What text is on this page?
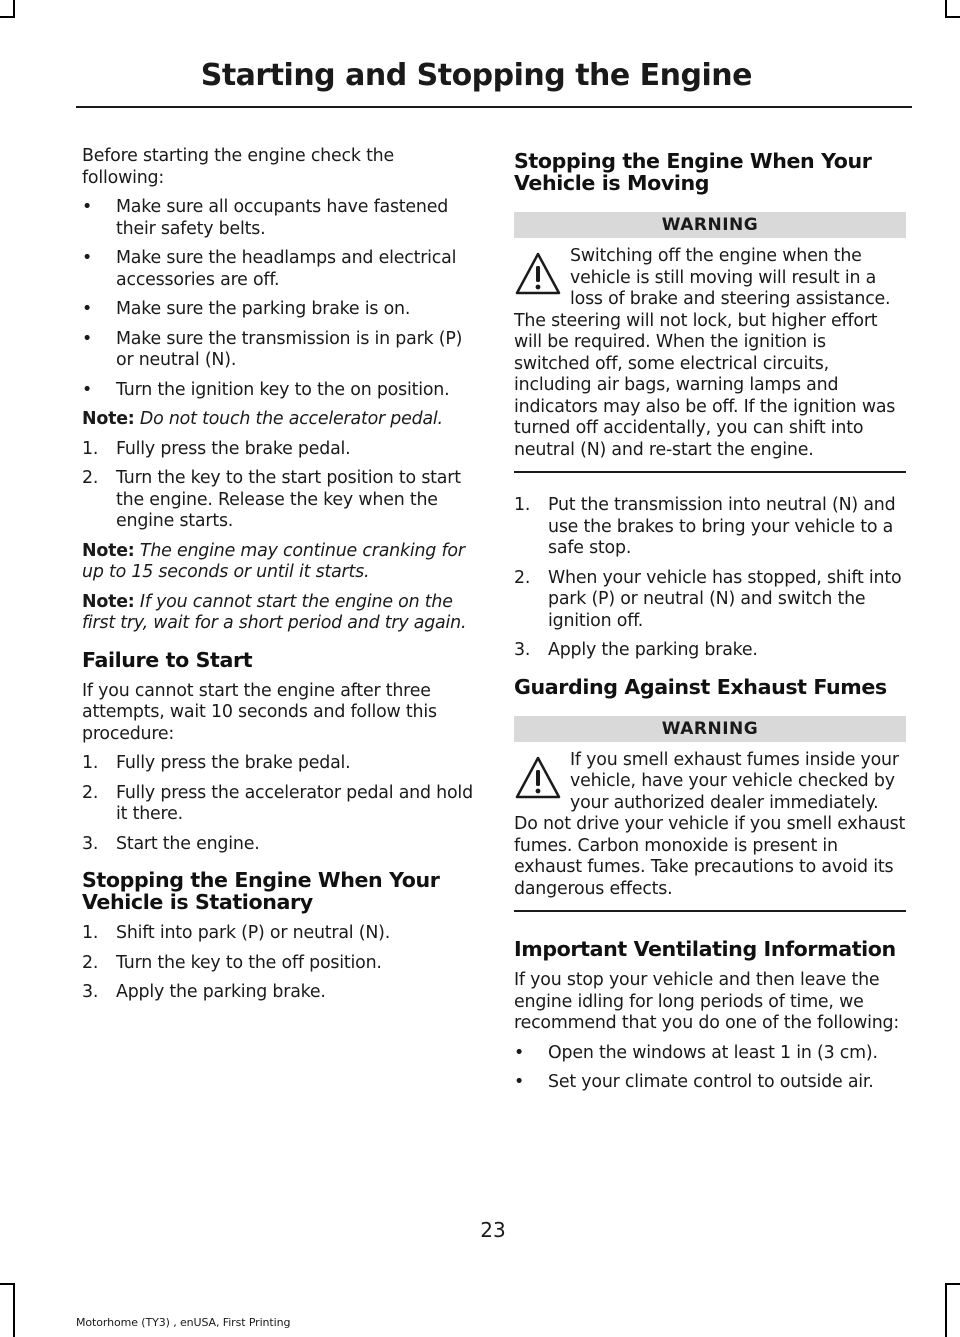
Starting and Stopping the Engine

Before starting the engine check the following:

• Make sure all occupants have fastened their safety belts.
• Make sure the headlamps and electrical accessories are off.
• Make sure the parking brake is on.
• Make sure the transmission is in park (P) or neutral (N).
• Turn the ignition key to the on position.

Note: Do not touch the accelerator pedal.

1. Fully press the brake pedal.
2. Turn the key to the start position to start the engine. Release the key when the engine starts.

Note: The engine may continue cranking for up to 15 seconds or until it starts.

Note: If you cannot start the engine on the first try, wait for a short period and try again.

Failure to Start

If you cannot start the engine after three attempts, wait 10 seconds and follow this procedure:

1. Fully press the brake pedal.
2. Fully press the accelerator pedal and hold it there.
3. Start the engine.
Stopping the Engine When Your Vehicle is Stationary
1. Shift into park (P) or neutral (N).
2. Turn the key to the off position.
3. Apply the parking brake.
Stopping the Engine When Your Vehicle is Moving
WARNING
Switching off the engine when the vehicle is still moving will result in a loss of brake and steering assistance. The steering will not lock, but higher effort will be required. When the ignition is switched off, some electrical circuits, including air bags, warning lamps and indicators may also be off. If the ignition was turned off accidentally, you can shift into neutral (N) and re-start the engine.
1. Put the transmission into neutral (N) and use the brakes to bring your vehicle to a safe stop.
2. When your vehicle has stopped, shift into park (P) or neutral (N) and switch the ignition off.
3. Apply the parking brake.
Guarding Against Exhaust Fumes
WARNING
If you smell exhaust fumes inside your vehicle, have your vehicle checked by your authorized dealer immediately. Do not drive your vehicle if you smell exhaust fumes. Carbon monoxide is present in exhaust fumes. Take precautions to avoid its dangerous effects.
Important Ventilating Information

If you stop your vehicle and then leave the engine idling for long periods of time, we recommend that you do one of the following:

• Open the windows at least 1 in (3 cm).
• Set your climate control to outside air.
23
Motorhome (TY3) , enUSA, First Printing
